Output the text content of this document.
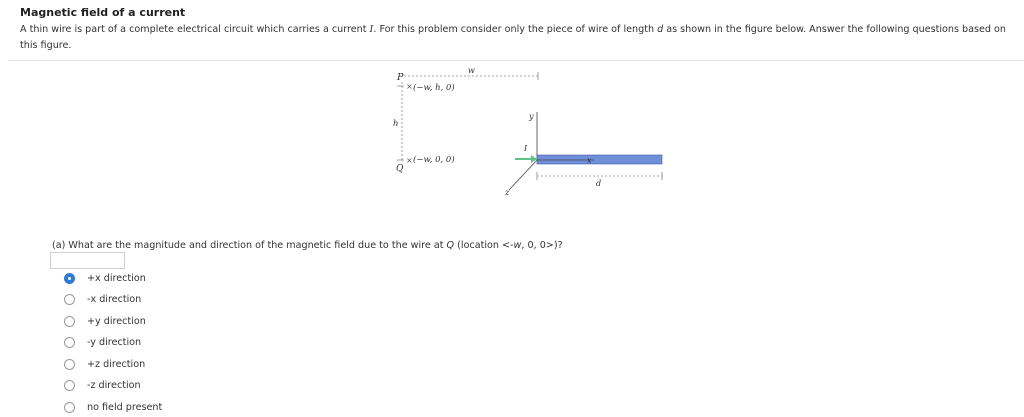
Magnetic field of a current
A thin wire is part of a complete electrical circuit which carries a current I. For this problem consider only the piece of wire of length d as shown in the figure below. Answer the following questions based on this figure.
P
× (−w, h, 0)
w
h
× (−w, 0, 0)
Q
y
z
x
I
d
(a) What are the magnitude and direction of the magnetic field due to the wire at Q (location <-w, 0, 0>)?
+x direction
-x direction
+y direction
-y direction
+z direction
-z direction
no field present
